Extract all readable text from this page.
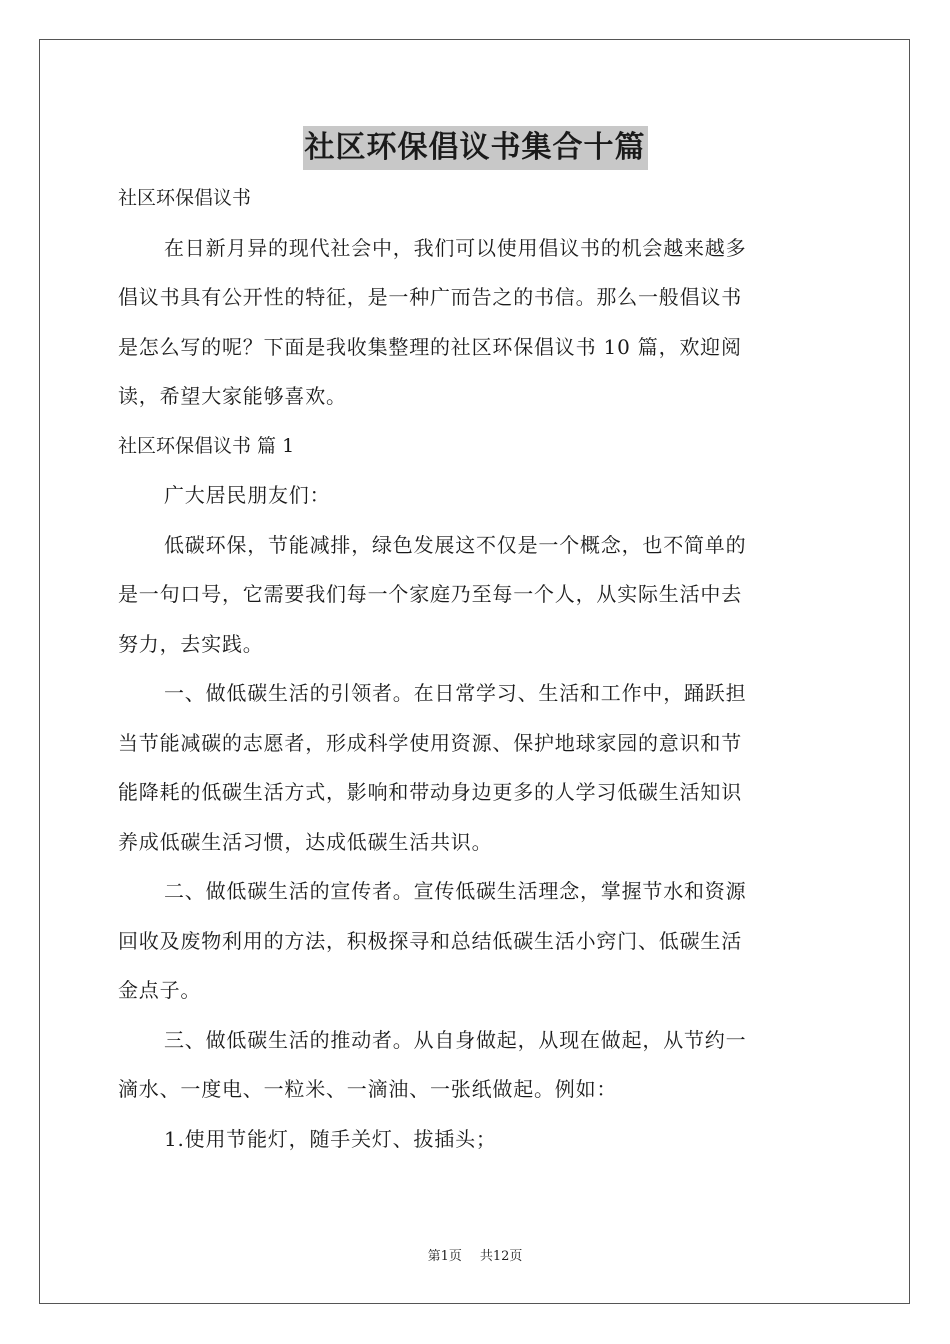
社区环保倡议书集合十篇
社区环保倡议书
在日新月异的现代社会中，我们可以使用倡议书的机会越来越多
倡议书具有公开性的特征，是一种广而告之的书信。那么一般倡议书
是怎么写的呢？下面是我收集整理的社区环保倡议书 10 篇，欢迎阅
读，希望大家能够喜欢。
社区环保倡议书 篇 1
广大居民朋友们：
低碳环保，节能减排，绿色发展这不仅是一个概念，也不简单的
是一句口号，它需要我们每一个家庭乃至每一个人，从实际生活中去
努力，去实践。
一、做低碳生活的引领者。在日常学习、生活和工作中，踊跃担
当节能减碳的志愿者，形成科学使用资源、保护地球家园的意识和节
能降耗的低碳生活方式，影响和带动身边更多的人学习低碳生活知识
养成低碳生活习惯，达成低碳生活共识。
二、做低碳生活的宣传者。宣传低碳生活理念，掌握节水和资源
回收及废物利用的方法，积极探寻和总结低碳生活小窍门、低碳生活
金点子。
三、做低碳生活的推动者。从自身做起，从现在做起，从节约一
滴水、一度电、一粒米、一滴油、一张纸做起。例如：
1.使用节能灯，随手关灯、拔插头；
第1页 共12页
